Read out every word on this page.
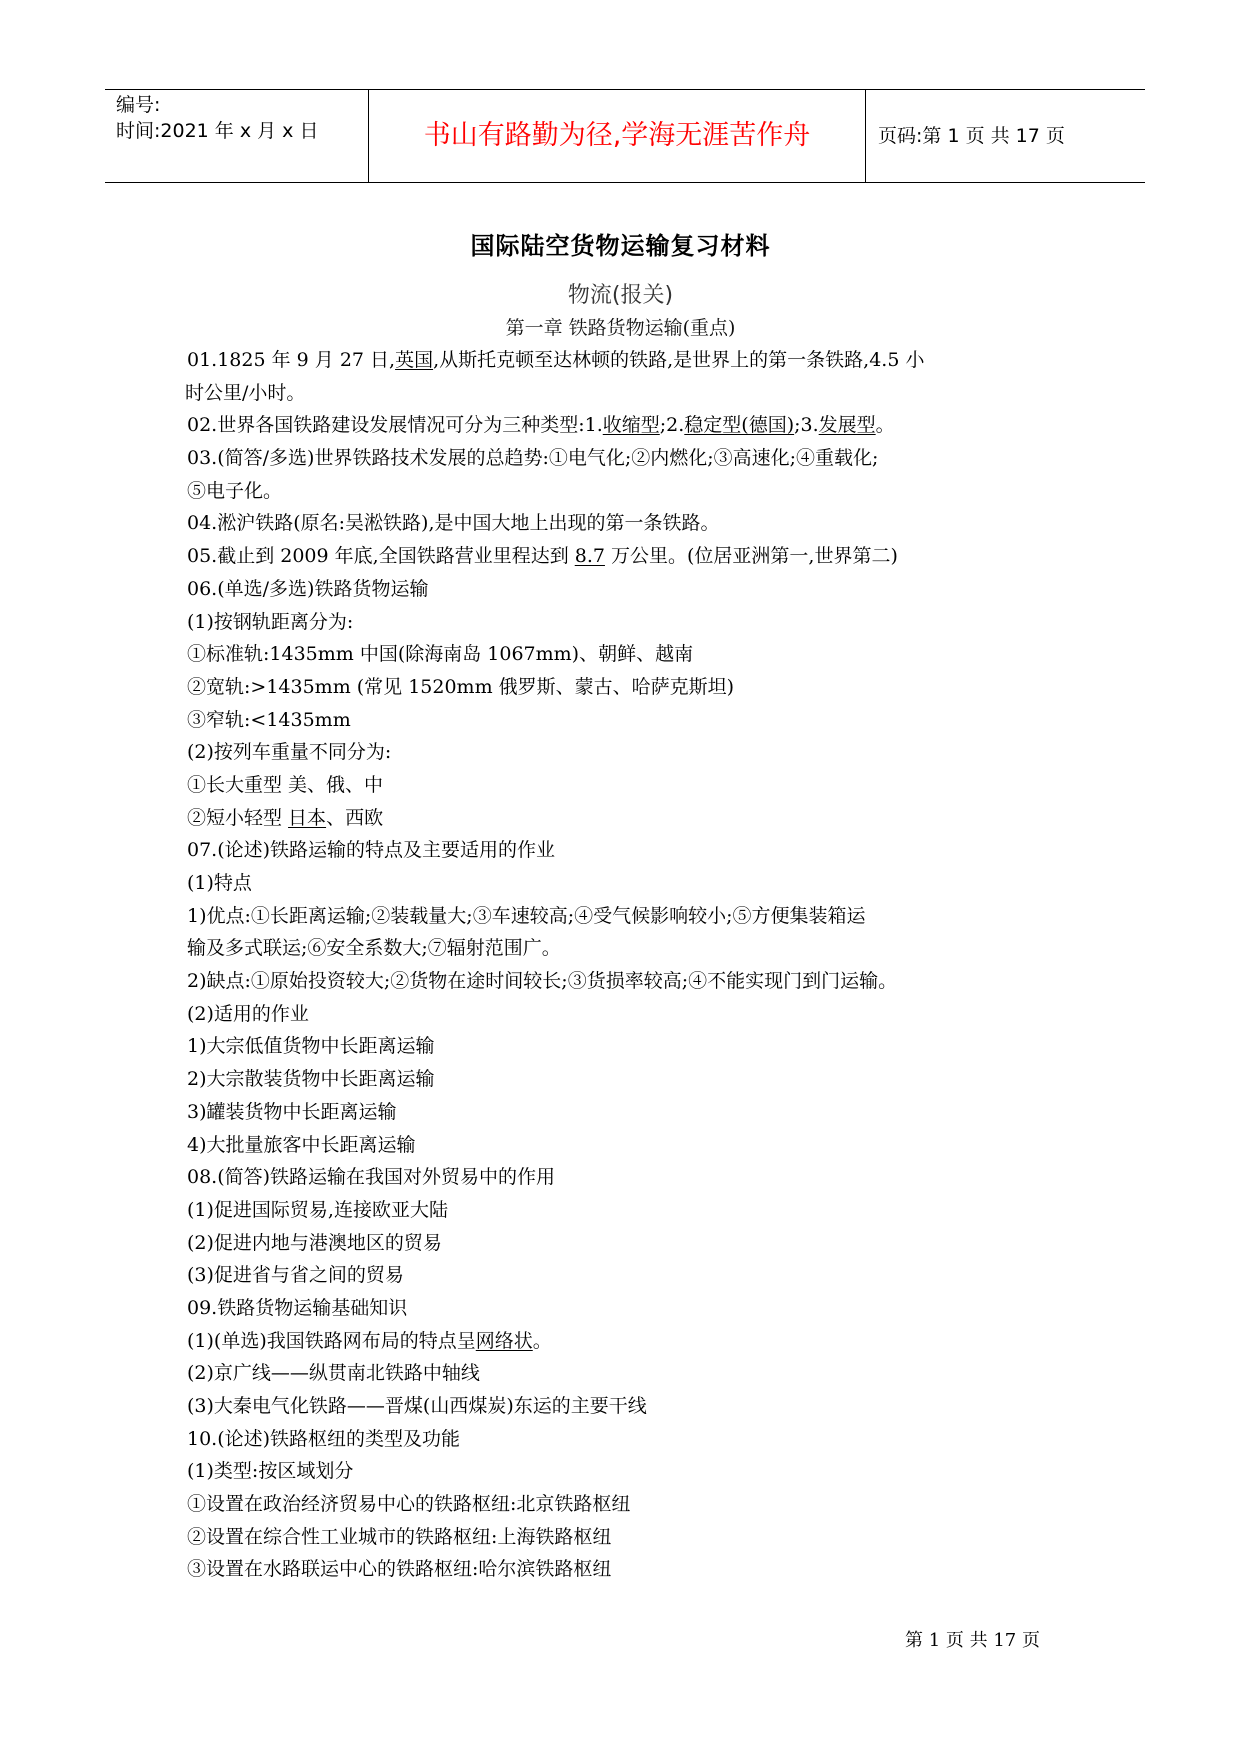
编号:
时间:2021 年 x 月 x 日	书山有路勤为径,学海无涯苦作舟	页码:第 1 页 共 17 页
国际陆空货物运输复习材料
物流(报关)
第一章 铁路货物运输(重点)
01.1825 年 9 月 27 日,英国,从斯托克顿至达林顿的铁路,是世界上的第一条铁路,4.5 小
时公里/小时。
02.世界各国铁路建设发展情况可分为三种类型:1.收缩型;2.稳定型(德国);3.发展型。
03.(简答/多选)世界铁路技术发展的总趋势:①电气化;②内燃化;③高速化;④重载化;
⑤电子化。
04.淞沪铁路(原名:吴淞铁路),是中国大地上出现的第一条铁路。
05.截止到 2009 年底,全国铁路营业里程达到 8.7 万公里。(位居亚洲第一,世界第二)
06.(单选/多选)铁路货物运输
(1)按钢轨距离分为:
①标准轨:1435mm 中国(除海南岛 1067mm)、朝鲜、越南
②宽轨:>1435mm (常见 1520mm 俄罗斯、蒙古、哈萨克斯坦)
③窄轨:<1435mm
(2)按列车重量不同分为:
①长大重型 美、俄、中
②短小轻型 日本、西欧
07.(论述)铁路运输的特点及主要适用的作业
(1)特点
1)优点:①长距离运输;②装载量大;③车速较高;④受气候影响较小;⑤方便集装箱运
输及多式联运;⑥安全系数大;⑦辐射范围广。
2)缺点:①原始投资较大;②货物在途时间较长;③货损率较高;④不能实现门到门运输。
(2)适用的作业
1)大宗低值货物中长距离运输
2)大宗散装货物中长距离运输
3)罐装货物中长距离运输
4)大批量旅客中长距离运输
08.(简答)铁路运输在我国对外贸易中的作用
(1)促进国际贸易,连接欧亚大陆
(2)促进内地与港澳地区的贸易
(3)促进省与省之间的贸易
09.铁路货物运输基础知识
(1)(单选)我国铁路网布局的特点呈网络状。
(2)京广线——纵贯南北铁路中轴线
(3)大秦电气化铁路——晋煤(山西煤炭)东运的主要干线
10.(论述)铁路枢纽的类型及功能
(1)类型:按区域划分
①设置在政治经济贸易中心的铁路枢纽:北京铁路枢纽
②设置在综合性工业城市的铁路枢纽:上海铁路枢纽
③设置在水路联运中心的铁路枢纽:哈尔滨铁路枢纽
第 1 页 共 17 页
